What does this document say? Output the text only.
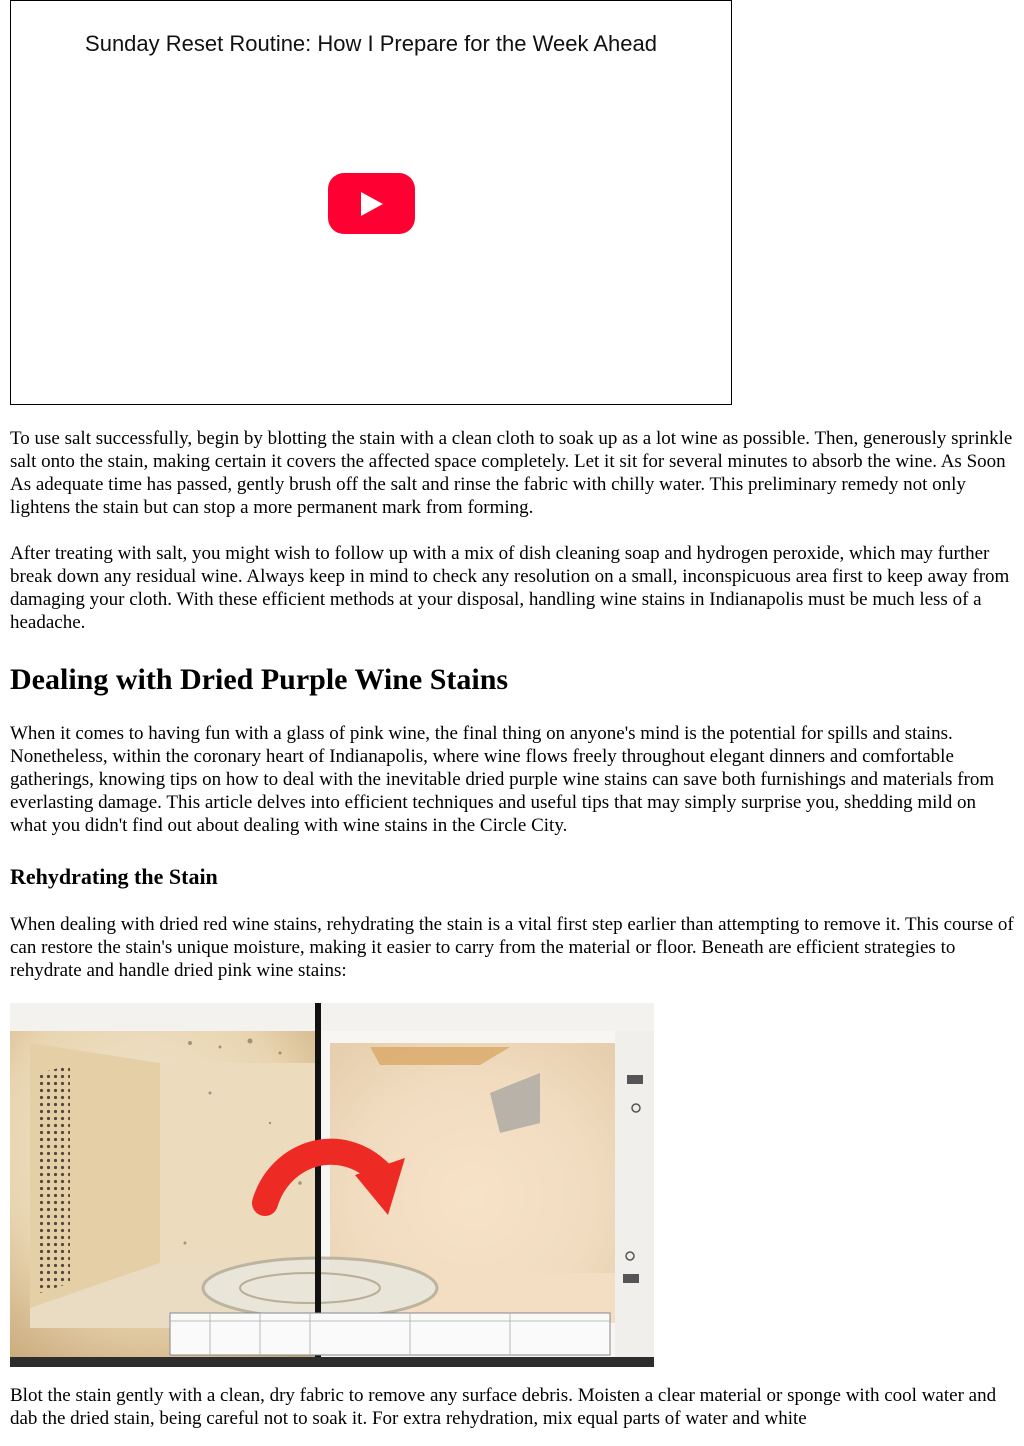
Sunday Reset Routine: How I Prepare for the Week Ahead

To use salt successfully, begin by blotting the stain with a clean cloth to soak up as a lot wine as possible. Then, generously sprinkle salt onto the stain, making certain it covers the affected space completely. Let it sit for several minutes to absorb the wine. As Soon As adequate time has passed, gently brush off the salt and rinse the fabric with chilly water. This preliminary remedy not only lightens the stain but can stop a more permanent mark from forming.

After treating with salt, you might wish to follow up with a mix of dish cleaning soap and hydrogen peroxide, which may further break down any residual wine. Always keep in mind to check any resolution on a small, inconspicuous area first to keep away from damaging your cloth. With these efficient methods at your disposal, handling wine stains in Indianapolis must be much less of a headache.

Dealing with Dried Purple Wine Stains

When it comes to having fun with a glass of pink wine, the final thing on anyone's mind is the potential for spills and stains. Nonetheless, within the coronary heart of Indianapolis, where wine flows freely throughout elegant dinners and comfortable gatherings, knowing tips on how to deal with the inevitable dried purple wine stains can save both furnishings and materials from everlasting damage. This article delves into efficient techniques and useful tips that may simply surprise you, shedding mild on what you didn't find out about dealing with wine stains in the Circle City.

Rehydrating the Stain

When dealing with dried red wine stains, rehydrating the stain is a vital first step earlier than attempting to remove it. This course of can restore the stain's unique moisture, making it easier to carry from the material or floor. Beneath are efficient strategies to rehydrate and handle dried pink wine stains:

Blot the stain gently with a clean, dry fabric to remove any surface debris. Moisten a clear material or sponge with cool water and dab the dried stain, being careful not to soak it. For extra rehydration, mix equal parts of water and white
